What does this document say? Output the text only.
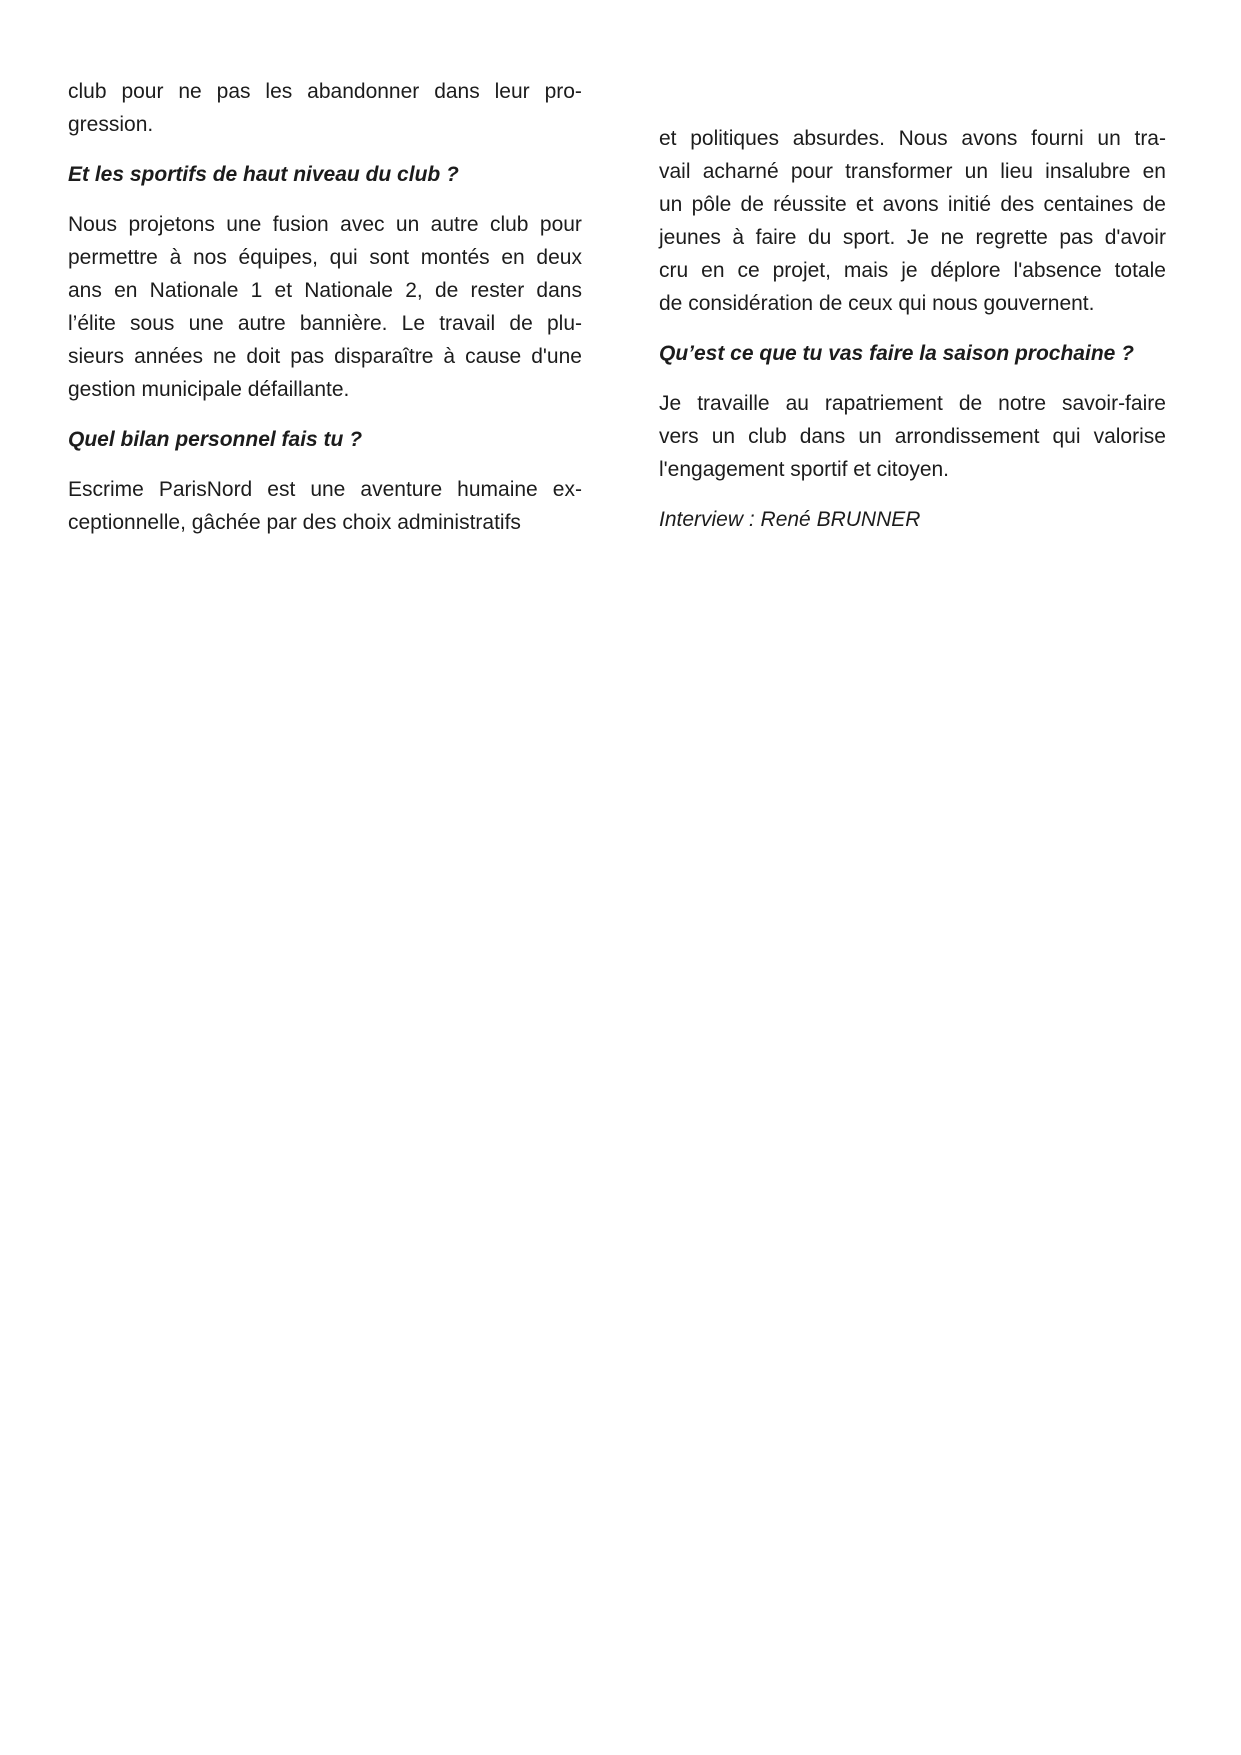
club pour ne pas les abandonner dans leur pro-
gression.
Et les sportifs de haut niveau du club ?
Nous projetons une fusion avec un autre club pour
permettre à nos équipes, qui sont montés en deux
ans en Nationale 1 et Nationale 2, de rester dans
l’élite sous une autre bannière. Le travail de plu-
sieurs années ne doit pas disparaître à cause d'une
gestion municipale défaillante.
Quel bilan personnel fais tu ?
Escrime ParisNord est une aventure humaine ex-
ceptionnelle, gâchée par des choix administratifs
et politiques absurdes. Nous avons fourni un tra-
vail acharné pour transformer un lieu insalubre en
un pôle de réussite et avons initié des centaines de
jeunes à faire du sport. Je ne regrette pas d'avoir
cru en ce projet, mais je déplore l'absence totale
de considération de ceux qui nous gouvernent.
Qu’est ce que tu vas faire la saison prochaine ?
Je travaille au rapatriement de notre savoir-faire
vers un club dans un arrondissement qui valorise
l'engagement sportif et citoyen.
Interview : René BRUNNER
